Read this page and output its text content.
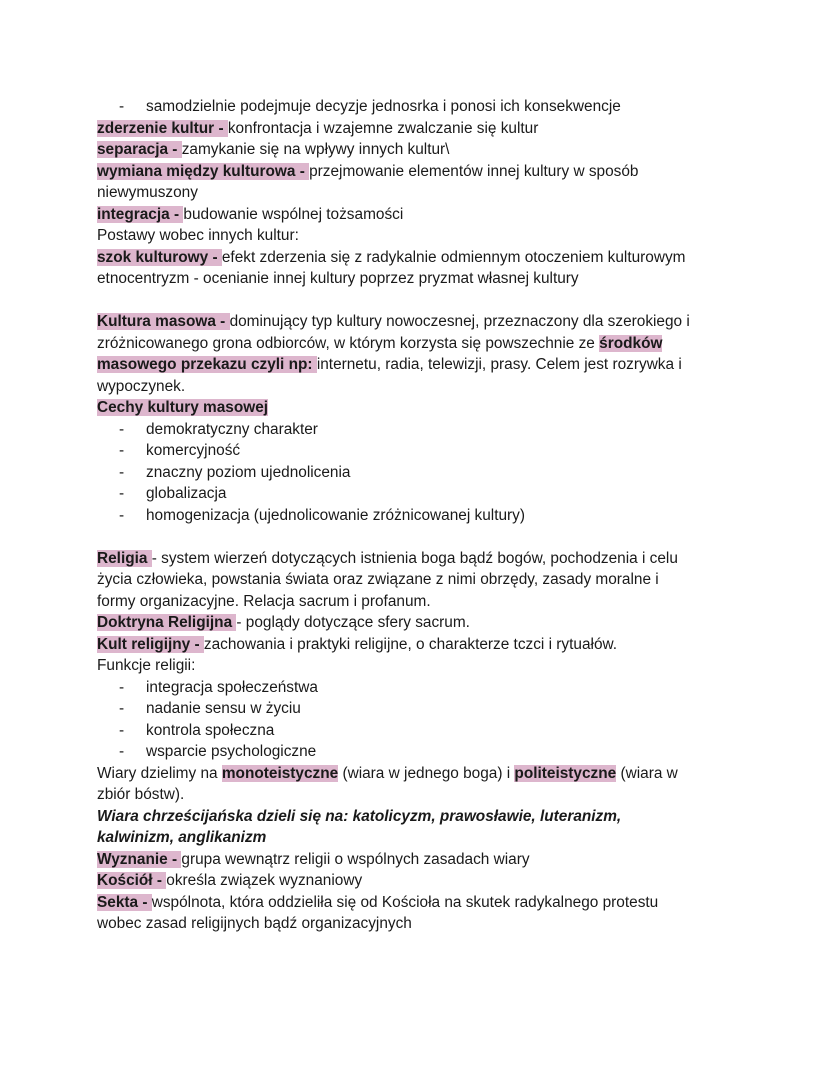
- samodzielnie podejmuje decyzje jednosrka i ponosi ich konsekwencje
zderzenie kultur - konfrontacja i wzajemne zwalczanie się kultur
separacja - zamykanie się na wpływy innych kultur\
wymiana między kulturowa - przejmowanie elementów innej kultury w sposób
niewymuszony
integracja - budowanie wspólnej tożsamości
Postawy wobec innych kultur:
szok kulturowy - efekt zderzenia się z radykalnie odmiennym otoczeniem kulturowym
etnocentryzm - ocenianie innej kultury poprzez pryzmat własnej kultury
Kultura masowa - dominujący typ kultury nowoczesnej, przeznaczony dla szerokiego i
zróżnicowanego grona odbiorców, w którym korzysta się powszechnie ze środków
masowego przekazu czyli np: internetu, radia, telewizji, prasy. Celem jest rozrywka i
wypoczynek.
Cechy kultury masowej
- demokratyczny charakter
- komercyjność
- znaczny poziom ujednolicenia
- globalizacja
- homogenizacja (ujednolicowanie zróżnicowanej kultury)
Religia - system wierzeń dotyczących istnienia boga bądź bogów, pochodzenia i celu
życia człowieka, powstania świata oraz związane z nimi obrzędy, zasady moralne i
formy organizacyjne. Relacja sacrum i profanum.
Doktryna Religijna - poglądy dotyczące sfery sacrum.
Kult religijny - zachowania i praktyki religijne, o charakterze tczci i rytuałów.
Funkcje religii:
- integracja społeczeństwa
- nadanie sensu w życiu
- kontrola społeczna
- wsparcie psychologiczne
Wiary dzielimy na monoteistyczne (wiara w jednego boga) i politeistyczne (wiara w
zbiór bóstw).
Wiara chrześcijańska dzieli się na: katolicyzm, prawosławie, luteranizm,
kalwinizm, anglikanizm
Wyznanie - grupa wewnątrz religii o wspólnych zasadach wiary
Kościół - określa związek wyznaniowy
Sekta - wspólnota, która oddzieliła się od Kościoła na skutek radykalnego protestu
wobec zasad religijnych bądź organizacyjnych
